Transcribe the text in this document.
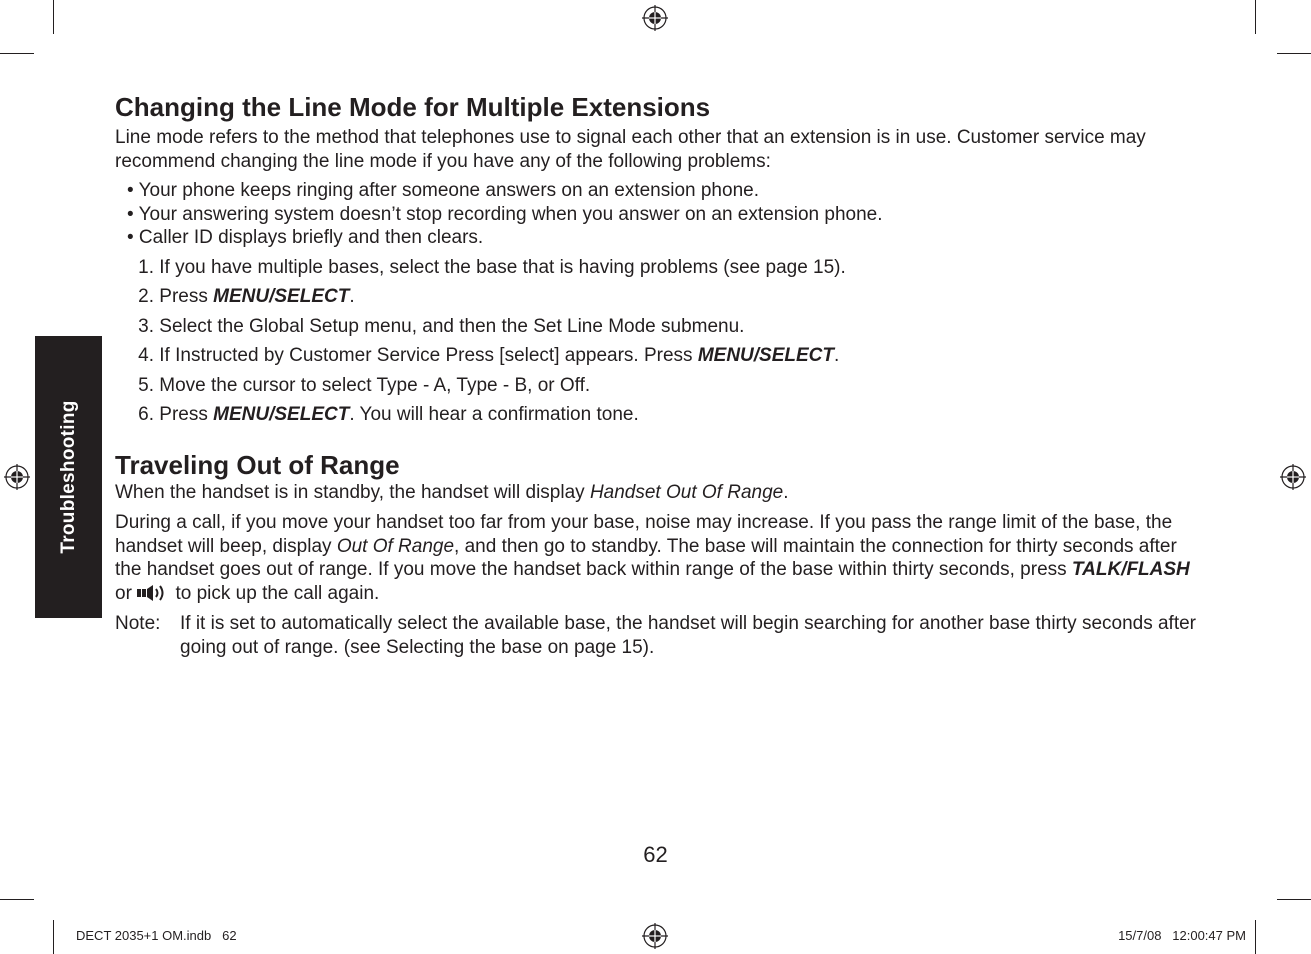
Troubleshooting
Changing the Line Mode for Multiple Extensions

Line mode refers to the method that telephones use to signal each other that an extension is in use. Customer service may recommend changing the line mode if you have any of the following problems:

• Your phone keeps ringing after someone answers on an extension phone.
• Your answering system doesn’t stop recording when you answer on an extension phone.
• Caller ID displays briefly and then clears.
1. If you have multiple bases, select the base that is having problems (see page 15).
2. Press MENU/SELECT.
3. Select the Global Setup menu, and then the Set Line Mode submenu.
4. If Instructed by Customer Service Press [select] appears. Press MENU/SELECT.
5. Move the cursor to select Type - A, Type - B, or Off.
6. Press MENU/SELECT. You will hear a confirmation tone.
Traveling Out of Range

When the handset is in standby, the handset will display Handset Out Of Range.

During a call, if you move your handset too far from your base, noise may increase. If you pass the range limit of the base, the handset will beep, display Out Of Range, and then go to standby. The base will maintain the connection for thirty seconds after the handset goes out of range. If you move the handset back within range of the base within thirty seconds, press TALK/FLASH or  to pick up the call again.

Note:	If it is set to automatically select the available base, the handset will begin searching for another base thirty seconds after going out of range. (see Selecting the base on page 15).
62
DECT 2035+1 OM.indb   62	15/7/08   12:00:47 PM
